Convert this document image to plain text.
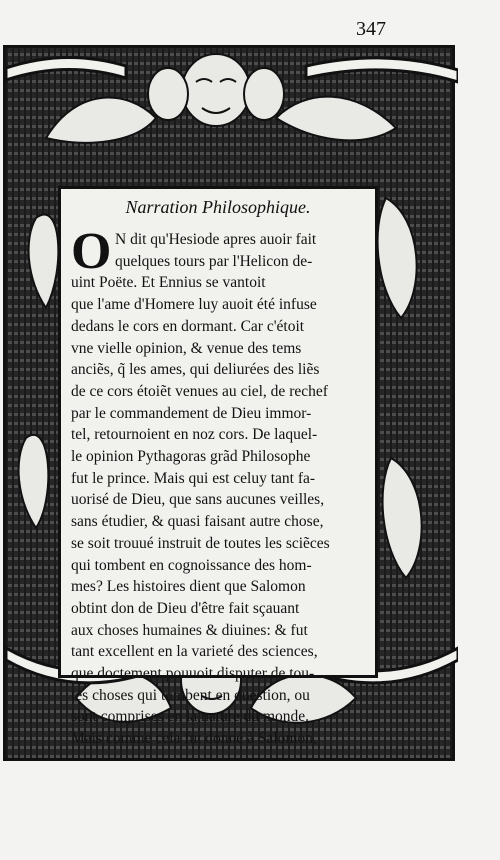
347
Narration Philosophique.
O N dit qu'Hesiode apres auoir fait
quelques tours par l'Helicon de-
uint Poëte. Et Ennius se vantoit
que l'ame d'Homere luy auoit été infuse
dedans le cors en dormant. Car c'étoit
vne vielle opinion, & venue des tems
anciẽs, q̃ les ames, qui deliurées des liẽs
de ce cors étoiẽt venues au ciel, de rechef
par le commandement de Dieu immor-
tel, retournoient en noz cors. De laquel-
le opinion Pythagoras grãd Philosophe
fut le prince. Mais qui est celuy tant fa-
uorisé de Dieu, que sans aucunes veilles,
sans étudier, & quasi faisant autre chose,
se soit trouué instruit de toutes les sciẽces
qui tombent en cognoissance des hom-
mes? Les histoires dient que Salomon
obtint don de Dieu d'être fait sçauant
aux choses humaines & diuines: & fut
tant excellent en la varieté des sciences,
que doctement pouuoit disputer de tou-
tes choses qui tumbent en question, ou
sont comprises en la nature du monde.
Mais comme cela fut donné à Salomon,
